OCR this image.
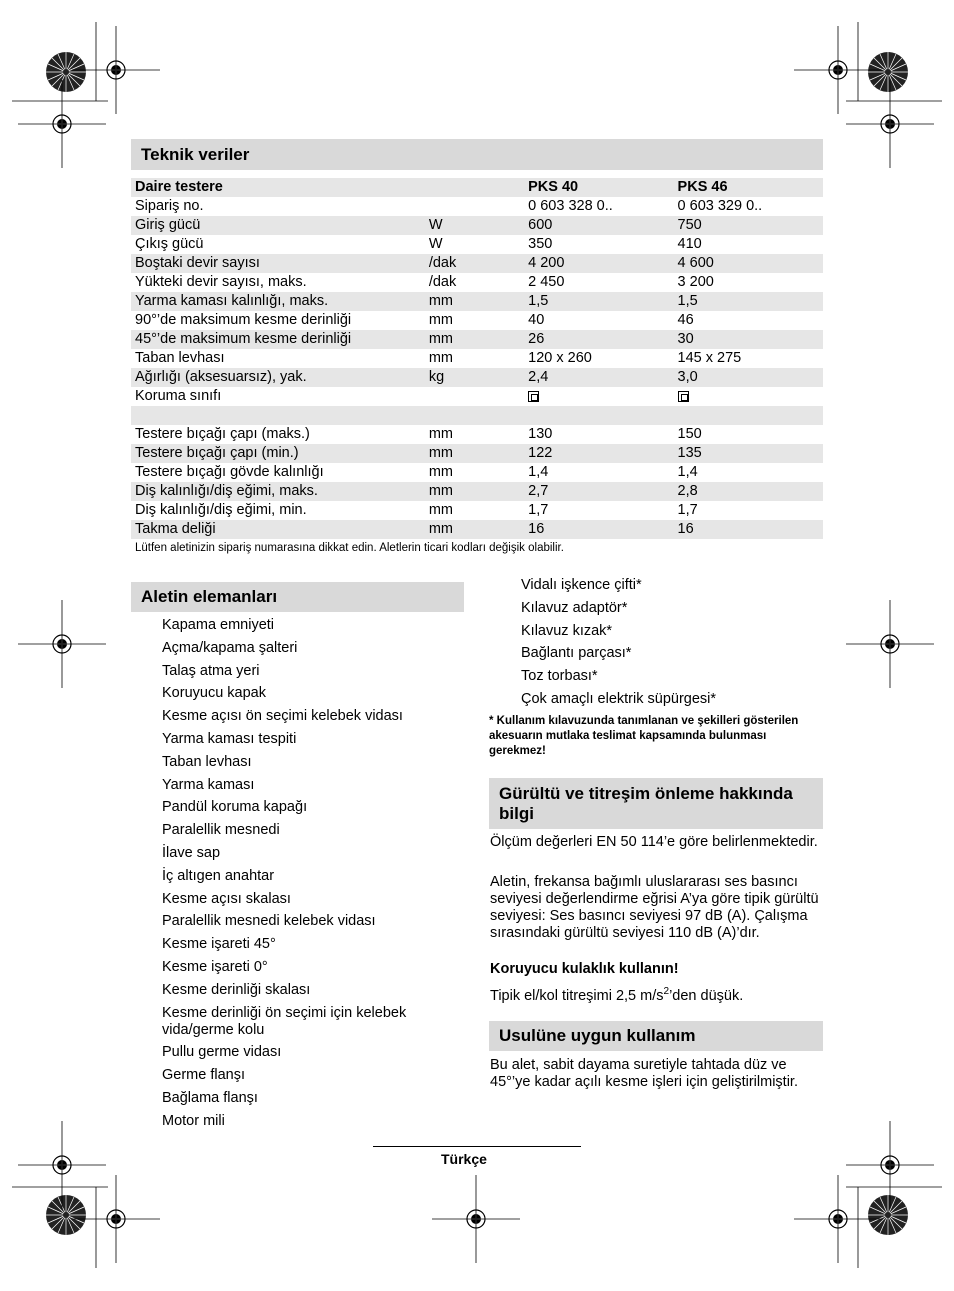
Teknik veriler
Daire testere		PKS 40	PKS 46
Sipariş no.		0 603 328 0..	0 603 329 0..
Giriş gücü	W	600	750
Çıkış gücü	W	350	410
Boştaki devir sayısı	/dak	4 200	4 600
Yükteki devir sayısı, maks.	/dak	2 450	3 200
Yarma kaması kalınlığı, maks.	mm	1,5	1,5
90°’de maksimum kesme derinliği	mm	40	46
45°’de maksimum kesme derinliği	mm	26	30
Taban levhası	mm	120 x 260	145 x 275
Ağırlığı (aksesuarsız), yak.	kg	2,4	3,0
Koruma sınıfı			

Testere bıçağı çapı (maks.)	mm	130	150
Testere bıçağı çapı (min.)	mm	122	135
Testere bıçağı gövde kalınlığı	mm	1,4	1,4
Diş kalınlığı/diş eğimi, maks.	mm	2,7	2,8
Diş kalınlığı/diş eğimi, min.	mm	1,7	1,7
Takma deliği	mm	16	16
Lütfen aletinizin sipariş numarasına dikkat edin. Aletlerin ticari kodları değişik olabilir.
Aletin elemanları
Kapama emniyeti
Açma/kapama şalteri
Talaş atma yeri
Koruyucu kapak
Kesme açısı ön seçimi kelebek vidası
Yarma kaması tespiti
Taban levhası
Yarma kaması
Pandül koruma kapağı
Paralellik mesnedi
İlave sap
İç altıgen anahtar
Kesme açısı skalası
Paralellik mesnedi kelebek vidası
Kesme işareti 45°
Kesme işareti 0°
Kesme derinliği skalası
Kesme derinliği ön seçimi için kelebek vida/germe kolu
Pullu germe vidası
Germe flanşı
Bağlama flanşı
Motor mili
Vidalı işkence çifti*
Kılavuz adaptör*
Kılavuz kızak*
Bağlantı parçası*
Toz torbası*
Çok amaçlı elektrik süpürgesi*
* Kullanım kılavuzunda tanımlanan ve şekilleri gösterilen akesuarın mutlaka teslimat kapsamında bulunması gerekmez!
Gürültü ve titreşim önleme hakkında bilgi
Ölçüm değerleri EN 50 114’e göre belirlenmektedir.
Aletin, frekansa bağımlı uluslararası ses basıncı seviyesi değerlendirme eğrisi A’ya göre tipik gürültü seviyesi: Ses basıncı seviyesi 97 dB (A). Çalışma sırasındaki gürültü seviyesi 110 dB (A)’dır.
Koruyucu kulaklık kullanın!
Tipik el/kol titreşimi 2,5 $m/s^2’den$ düşük.
Usulüne uygun kullanım
Bu alet, sabit dayama suretiyle tahtada düz ve 45°’ye kadar açılı kesme işleri için geliştirilmiştir.
Türkçe
